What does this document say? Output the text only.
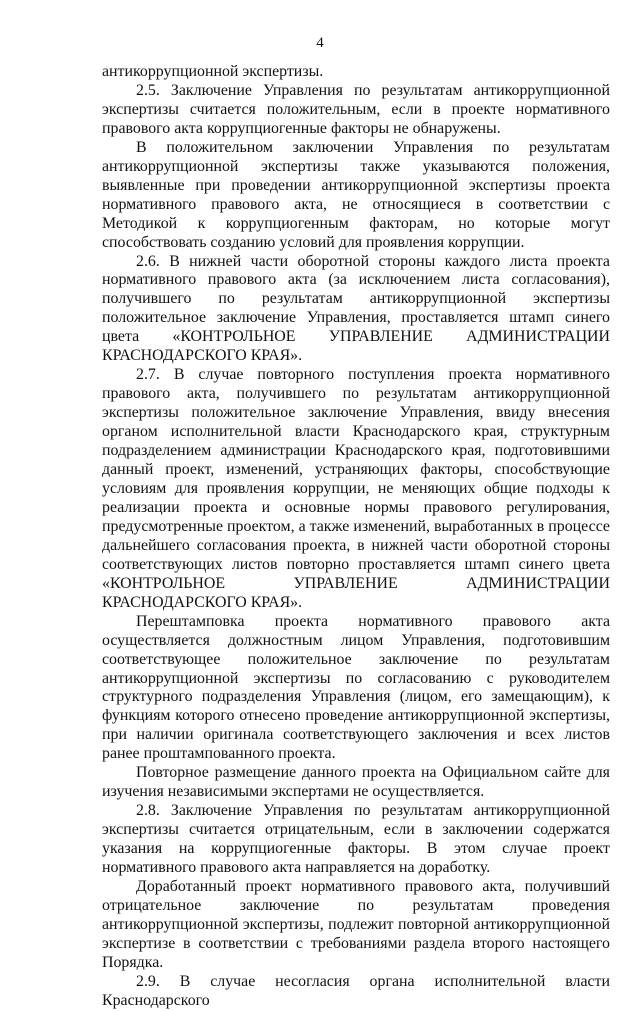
4

антикоррупционной экспертизы.

2.5. Заключение Управления по результатам антикоррупционной экспертизы считается положительным, если в проекте нормативного правового акта коррупциогенные факторы не обнаружены.

В положительном заключении Управления по результатам антикоррупционной экспертизы также указываются положения, выявленные при проведении антикоррупционной экспертизы проекта нормативного правового акта, не относящиеся в соответствии с Методикой к коррупциогенным факторам, но которые могут способствовать созданию условий для проявления коррупции.

2.6. В нижней части оборотной стороны каждого листа проекта нормативного правового акта (за исключением листа согласования), получившего по результатам антикоррупционной экспертизы положительное заключение Управления, проставляется штамп синего цвета «КОНТРОЛЬНОЕ УПРАВЛЕНИЕ АДМИНИСТРАЦИИ КРАСНОДАРСКОГО КРАЯ».

2.7. В случае повторного поступления проекта нормативного правового акта, получившего по результатам антикоррупционной экспертизы положительное заключение Управления, ввиду внесения органом исполнительной власти Краснодарского края, структурным подразделением администрации Краснодарского края, подготовившими данный проект, изменений, устраняющих факторы, способствующие условиям для проявления коррупции, не меняющих общие подходы к реализации проекта и основные нормы правового регулирования, предусмотренные проектом, а также изменений, выработанных в процессе дальнейшего согласования проекта, в нижней части оборотной стороны соответствующих листов повторно проставляется штамп синего цвета «КОНТРОЛЬНОЕ УПРАВЛЕНИЕ АДМИНИСТРАЦИИ КРАСНОДАРСКОГО КРАЯ».

Перештамповка проекта нормативного правового акта осуществляется должностным лицом Управления, подготовившим соответствующее положительное заключение по результатам антикоррупционной экспертизы по согласованию с руководителем структурного подразделения Управления (лицом, его замещающим), к функциям которого отнесено проведение антикоррупционной экспертизы, при наличии оригинала соответствующего заключения и всех листов ранее проштампованного проекта.

Повторное размещение данного проекта на Официальном сайте для изучения независимыми экспертами не осуществляется.

2.8. Заключение Управления по результатам антикоррупционной экспертизы считается отрицательным, если в заключении содержатся указания на коррупциогенные факторы. В этом случае проект нормативного правового акта направляется на доработку.

Доработанный проект нормативного правового акта, получивший отрицательное заключение по результатам проведения антикоррупционной экспертизы, подлежит повторной антикоррупционной экспертизе в соответствии с требованиями раздела второго настоящего Порядка.

2.9. В случае несогласия органа исполнительной власти Краснодарского
